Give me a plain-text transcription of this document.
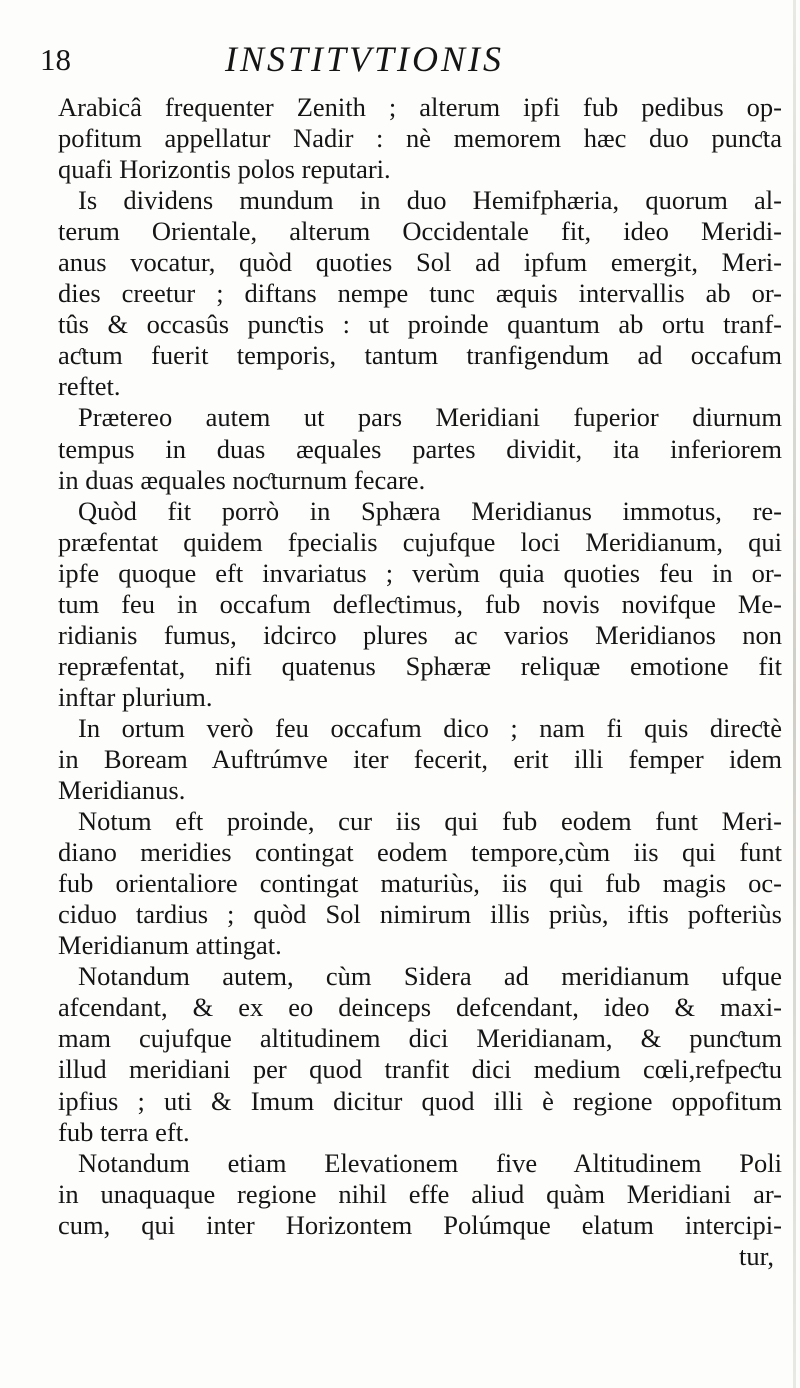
18	INSTITVTIONIS
Arabicâ frequenter Zenith ; alterum ipfi fub pedibus op-
pofitum appellatur Nadir : nè memorem hæc duo punƈta
quafi Horizontis polos reputari.
Is dividens mundum in duo Hemifphæria, quorum al-
terum Orientale, alterum Occidentale fit, ideo Meridi-
anus vocatur, quòd quoties Sol ad ipfum emergit, Meri-
dies creetur ; diftans nempe tunc æquis intervallis ab or-
tûs & occasûs punƈtis : ut proinde quantum ab ortu tranf-
aƈtum fuerit temporis, tantum tranfigendum ad occafum
reftet.
Prætereo autem ut pars Meridiani fuperior diurnum
tempus in duas æquales partes dividit, ita inferiorem
in duas æquales noƈturnum fecare.
Quòd fit porrò in Sphæra Meridianus immotus, re-
præfentat quidem fpecialis cujufque loci Meridianum, qui
ipfe quoque eft invariatus ; verùm quia quoties feu in or-
tum feu in occafum defleƈtimus, fub novis novifque Me-
ridianis fumus, idcirco plures ac varios Meridianos non
repræfentat, nifi quatenus Sphæræ reliquæ emotione fit
inftar plurium.
In ortum verò feu occafum dico ; nam fi quis direƈtè
in Boream Auftrúmve iter fecerit, erit illi femper idem
Meridianus.
Notum eft proinde, cur iis qui fub eodem funt Meri-
diano meridies contingat eodem tempore,cùm iis qui funt
fub orientaliore contingat maturiùs, iis qui fub magis oc-
ciduo tardius ; quòd Sol nimirum illis priùs, iftis pofteriùs
Meridianum attingat.
Notandum autem, cùm Sidera ad meridianum ufque
afcendant, & ex eo deinceps defcendant, ideo & maxi-
mam cujufque altitudinem dici Meridianam, & punƈtum
illud meridiani per quod tranfit dici medium cœli,refpeƈtu
ipfius ; uti & Imum dicitur quod illi è regione oppofitum
fub terra eft.
Notandum etiam Elevationem five Altitudinem Poli
in unaquaque regione nihil effe aliud quàm Meridiani ar-
cum, qui inter Horizontem Polúmque elatum intercipi-
tur,
